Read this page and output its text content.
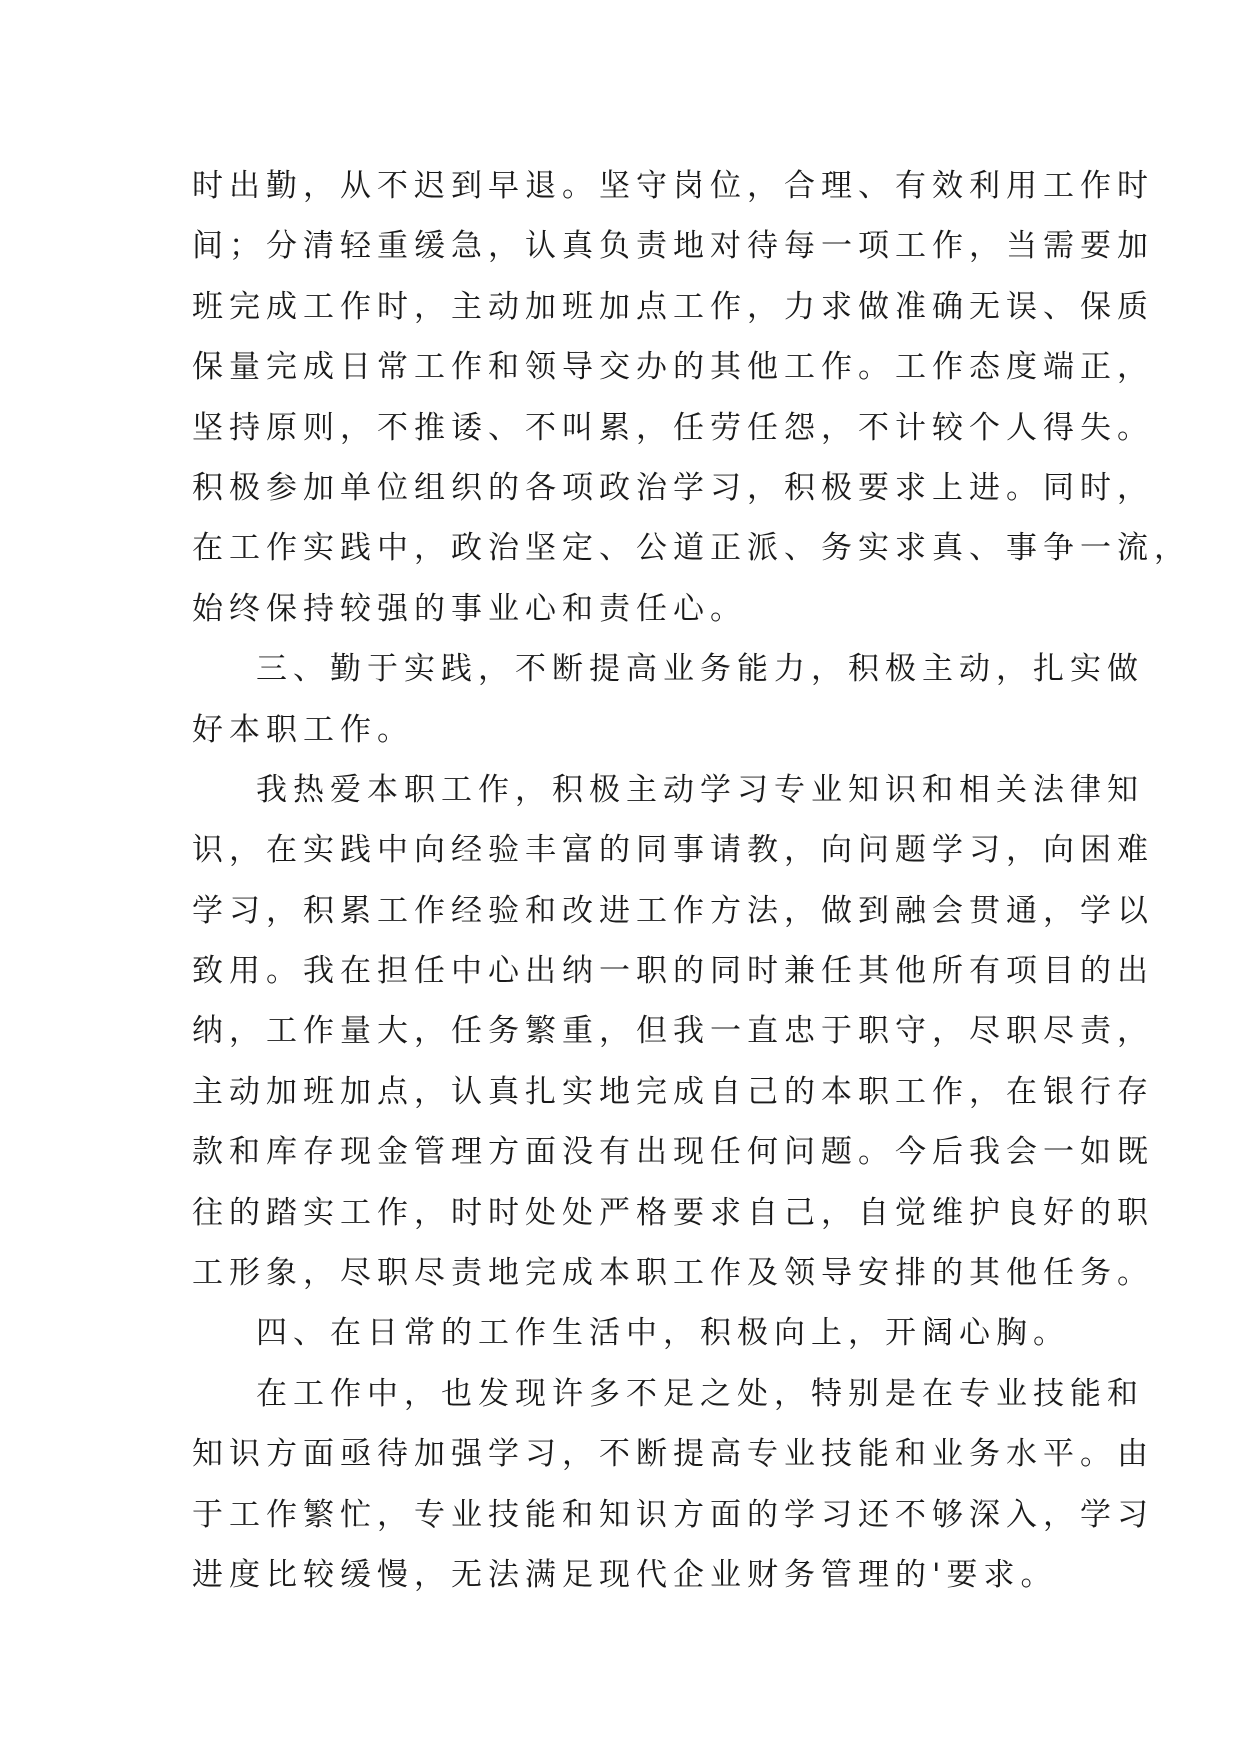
时出勤，从不迟到早退。坚守岗位，合理、有效利用工作时
间；分清轻重缓急，认真负责地对待每一项工作，当需要加
班完成工作时，主动加班加点工作，力求做准确无误、保质
保量完成日常工作和领导交办的其他工作。工作态度端正，
坚持原则，不推诿、不叫累，任劳任怨，不计较个人得失。
积极参加单位组织的各项政治学习，积极要求上进。同时，
在工作实践中，政治坚定、公道正派、务实求真、事争一流，
始终保持较强的事业心和责任心。
三、勤于实践，不断提高业务能力，积极主动，扎实做
好本职工作。
我热爱本职工作，积极主动学习专业知识和相关法律知
识，在实践中向经验丰富的同事请教，向问题学习，向困难
学习，积累工作经验和改进工作方法，做到融会贯通，学以
致用。我在担任中心出纳一职的同时兼任其他所有项目的出
纳，工作量大，任务繁重，但我一直忠于职守，尽职尽责，
主动加班加点，认真扎实地完成自己的本职工作，在银行存
款和库存现金管理方面没有出现任何问题。今后我会一如既
往的踏实工作，时时处处严格要求自己，自觉维护良好的职
工形象，尽职尽责地完成本职工作及领导安排的其他任务。
四、在日常的工作生活中，积极向上，开阔心胸。
在工作中，也发现许多不足之处，特别是在专业技能和
知识方面亟待加强学习，不断提高专业技能和业务水平。由
于工作繁忙，专业技能和知识方面的学习还不够深入，学习
进度比较缓慢，无法满足现代企业财务管理的'要求。
